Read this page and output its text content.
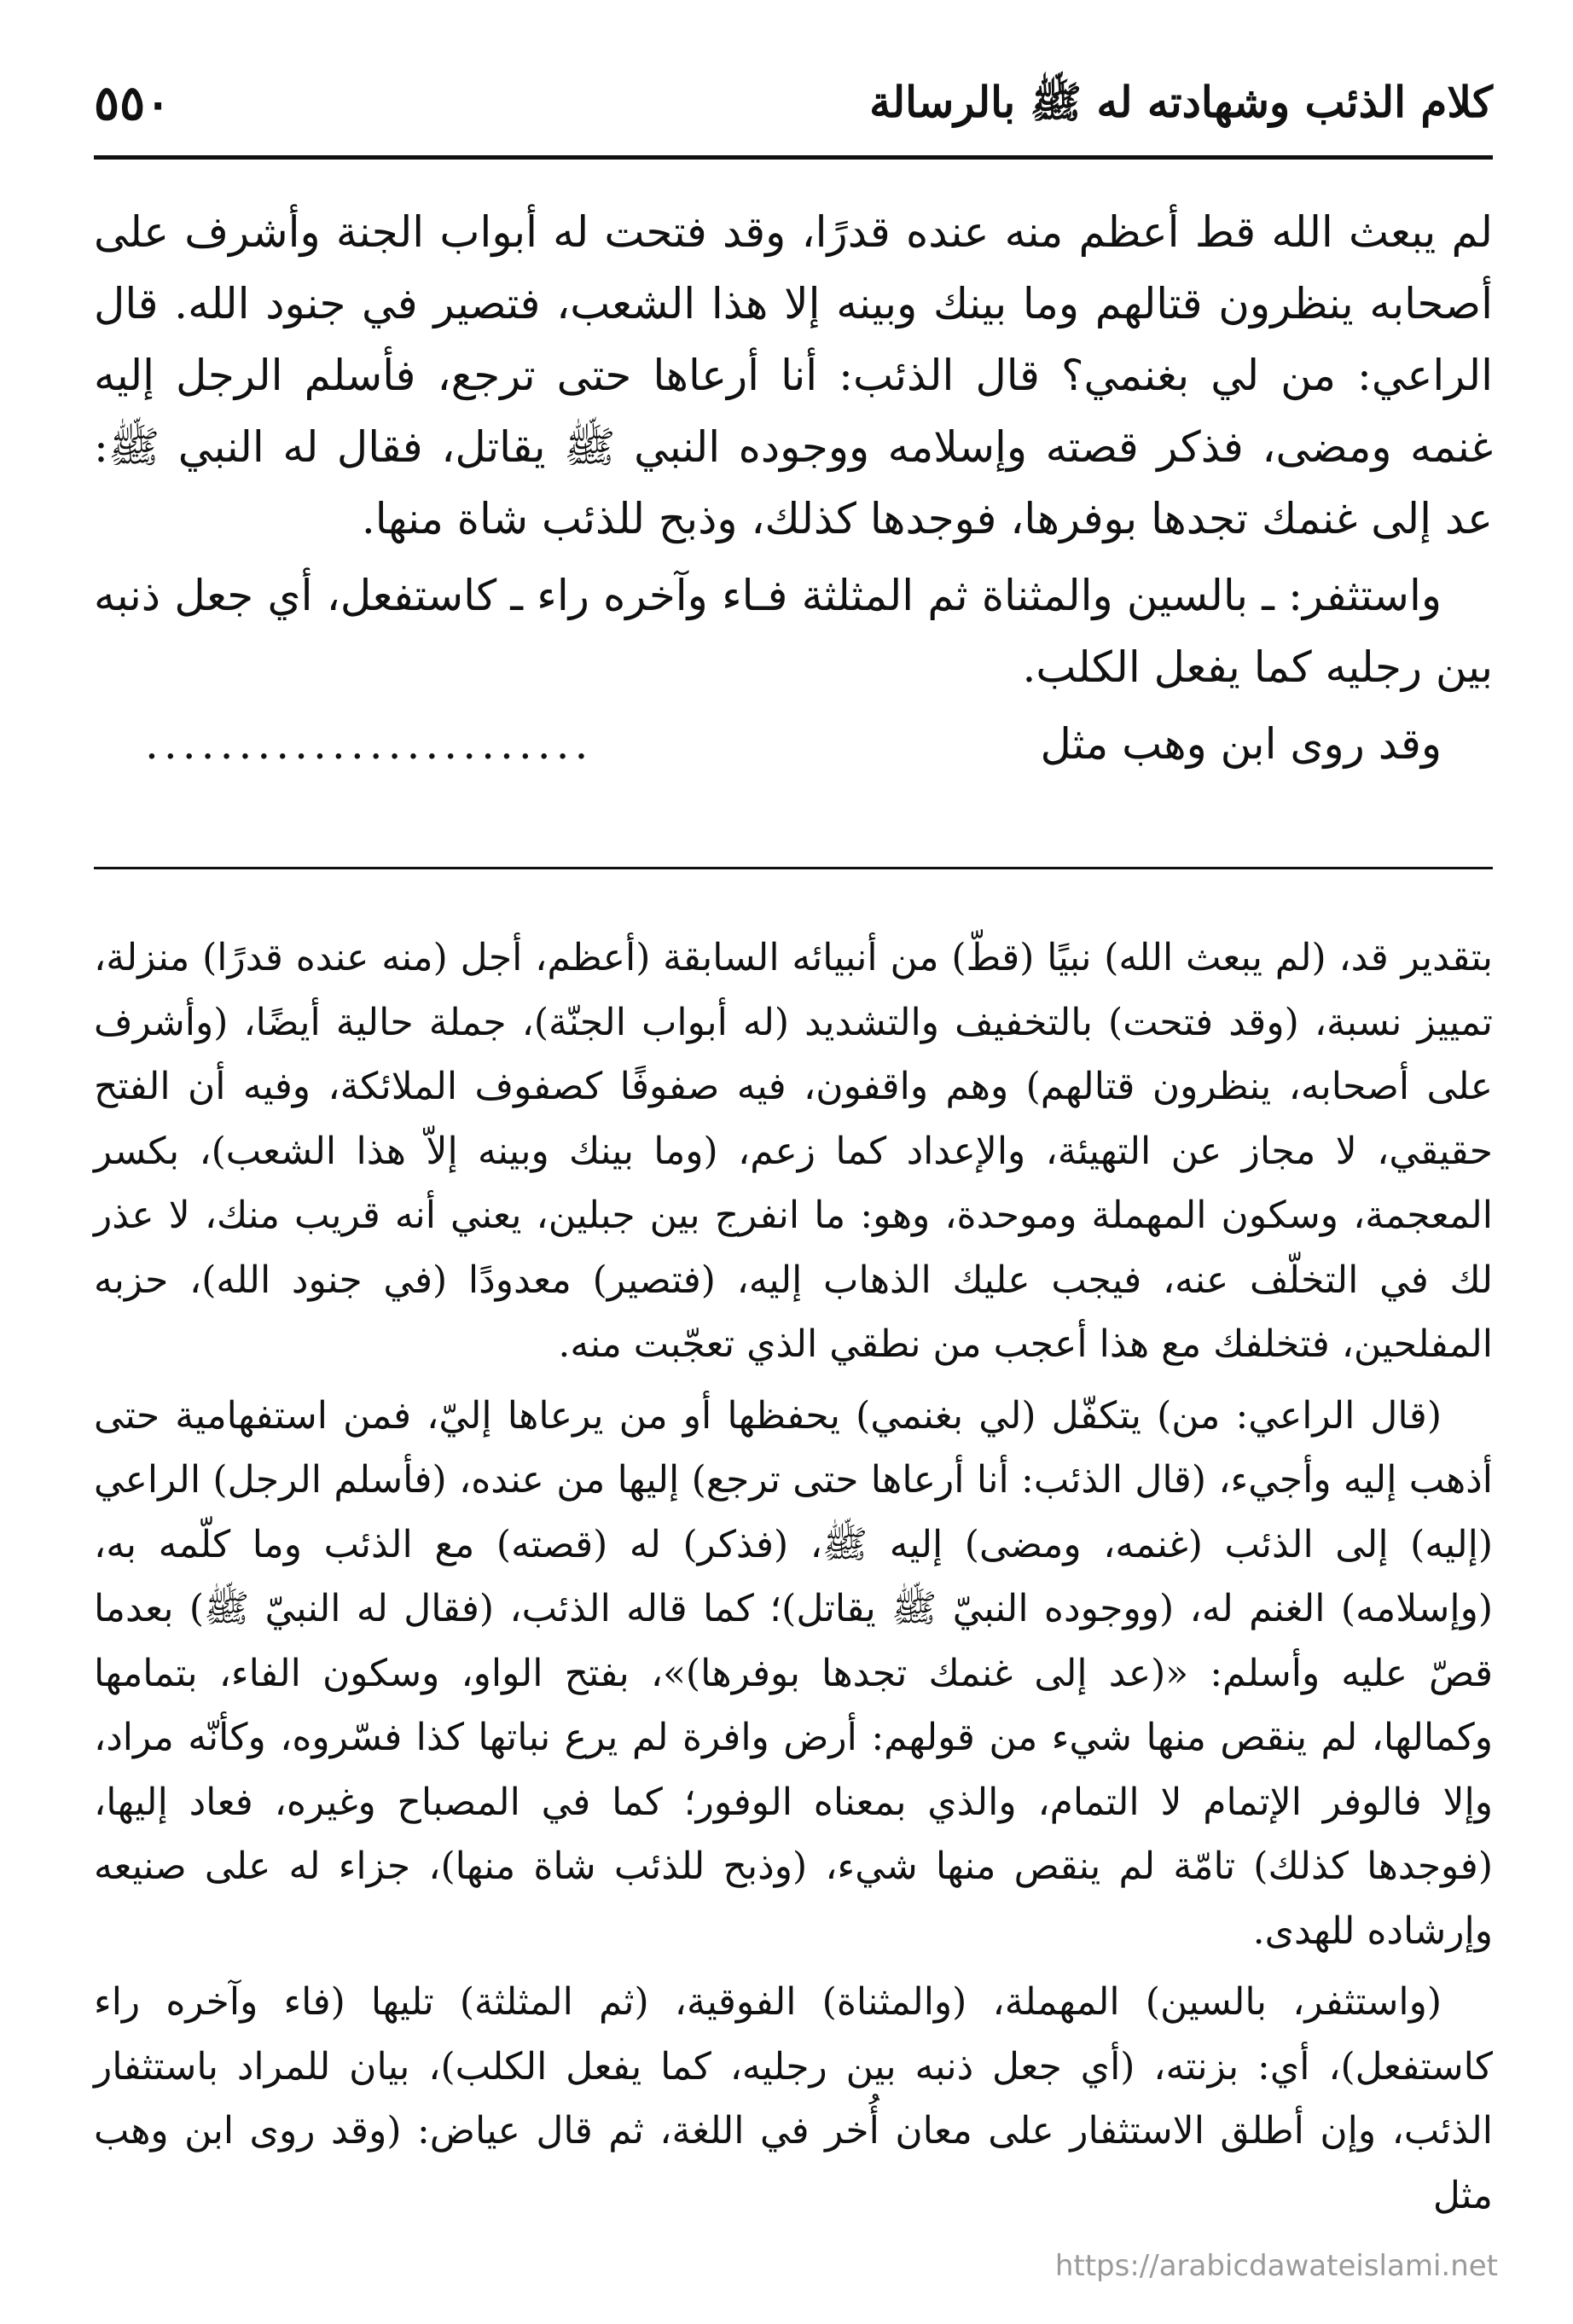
٥٥٠	كلام الذئب وشهادته له ﷺ بالرسالة

لم يبعث الله قط أعظم منه عنده قدرًا، وقد فتحت له أبواب الجنة وأشرف على أصحابه ينظرون قتالهم وما بينك وبينه إلا هذا الشعب، فتصير في جنود الله. قال الراعي: من لي بغنمي؟ قال الذئب: أنا أرعاها حتى ترجع، فأسلم الرجل إليه غنمه ومضى، فذكر قصته وإسلامه ووجوده النبي ﷺ يقاتل، فقال له النبي ﷺ: عد إلى غنمك تجدها بوفرها، فوجدها كذلك، وذبح للذئب شاة منها.

واستثفر: ـ بالسين والمثناة ثم المثلثة فـاء وآخره راء ـ كاستفعل، أي جعل ذنبه بين رجليه كما يفعل الكلب.

وقد روى ابن وهب مثل
........................

بتقدير قد، (لم يبعث الله) نبيًا (قطّ) من أنبيائه السابقة (أعظم، أجل (منه عنده قدرًا) منزلة، تمييز نسبة، (وقد فتحت) بالتخفيف والتشديد (له أبواب الجنّة)، جملة حالية أيضًا، (وأشرف على أصحابه، ينظرون قتالهم) وهم واقفون، فيه صفوفًا كصفوف الملائكة، وفيه أن الفتح حقيقي، لا مجاز عن التهيئة، والإعداد كما زعم، (وما بينك وبينه إلاّ هذا الشعب)، بكسر المعجمة، وسكون المهملة وموحدة، وهو: ما انفرج بين جبلين، يعني أنه قريب منك، لا عذر لك في التخلّف عنه، فيجب عليك الذهاب إليه، (فتصير) معدودًا (في جنود الله)، حزبه المفلحين، فتخلفك مع هذا أعجب من نطقي الذي تعجّبت منه.

(قال الراعي: من) يتكفّل (لي بغنمي) يحفظها أو من يرعاها إليّ، فمن استفهامية حتى أذهب إليه وأجيء، (قال الذئب: أنا أرعاها حتى ترجع) إليها من عنده، (فأسلم الرجل) الراعي (إليه) إلى الذئب (غنمه، ومضى) إليه ﷺ، (فذكر) له (قصته) مع الذئب وما كلّمه به، (وإسلامه) الغنم له، (ووجوده النبيّ ﷺ يقاتل)؛ كما قاله الذئب، (فقال له النبيّ ﷺ) بعدما قصّ عليه وأسلم: «(عد إلى غنمك تجدها بوفرها)»، بفتح الواو، وسكون الفاء، بتمامها وكمالها، لم ينقص منها شيء من قولهم: أرض وافرة لم يرع نباتها كذا فسّروه، وكأنّه مراد، وإلا فالوفر الإتمام لا التمام، والذي بمعناه الوفور؛ كما في المصباح وغيره، فعاد إليها، (فوجدها كذلك) تامّة لم ينقص منها شيء، (وذبح للذئب شاة منها)، جزاء له على صنيعه وإرشاده للهدى.

(واستثفر، بالسين) المهملة، (والمثناة) الفوقية، (ثم المثلثة) تليها (فاء وآخره راء كاستفعل)، أي: بزنته، (أي جعل ذنبه بين رجليه، كما يفعل الكلب)، بيان للمراد باستثفار الذئب، وإن أطلق الاستثفار على معان أُخر في اللغة، ثم قال عياض: (وقد روى ابن وهب مثل

https://arabicdawateislami.net
